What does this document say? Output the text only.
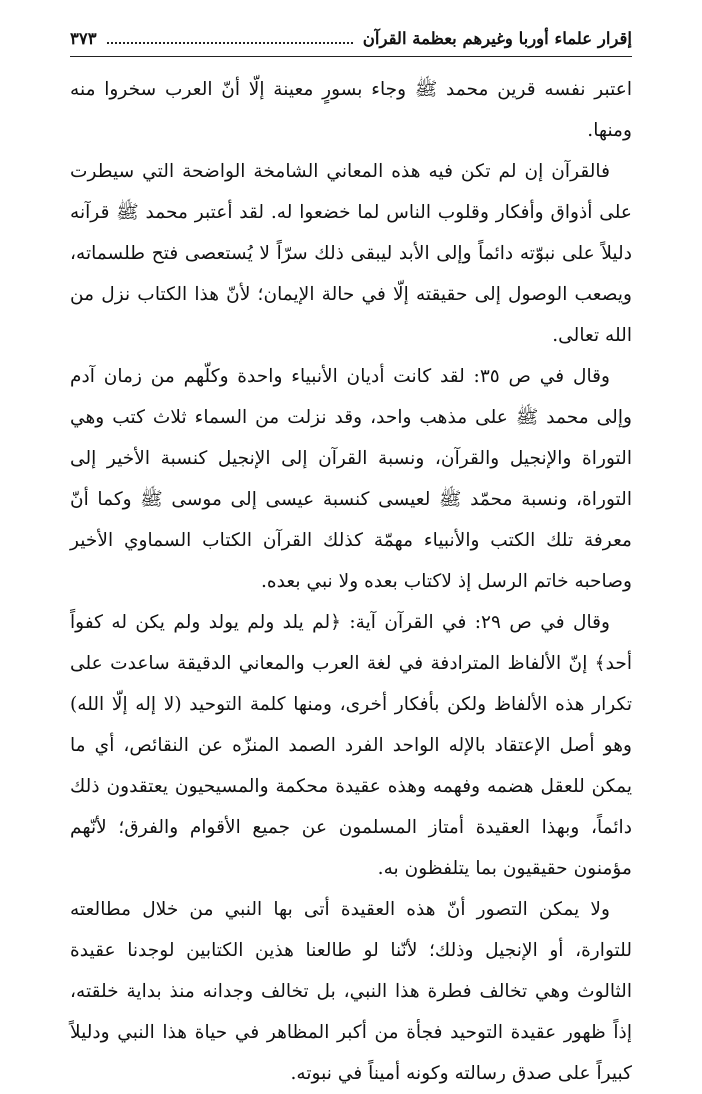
إقرار علماء أوربا وغيرهم بعظمة القرآن
٣٧٣

اعتبر نفسه قرين محمد ﷺ وجاء بسورٍ معينة إلّا أنّ العرب سخروا منه ومنها.

فالقرآن إن لم تكن فيه هذه المعاني الشامخة الواضحة التي سيطرت على أذواق وأفكار وقلوب الناس لما خضعوا له. لقد أعتبر محمد ﷺ قرآنه دليلاً على نبوّته دائماً وإلى الأبد ليبقى ذلك سرّاً لا يُستعصى فتح طلسماته، ويصعب الوصول إلى حقيقته إلّا في حالة الإيمان؛ لأنّ هذا الكتاب نزل من الله تعالى.

وقال في ص ٣٥: لقد كانت أديان الأنبياء واحدة وكلّهم من زمان آدم وإلى محمد ﷺ على مذهب واحد، وقد نزلت من السماء ثلاث كتب وهي التوراة والإنجيل والقرآن، ونسبة القرآن إلى الإنجيل كنسبة الأخير إلى التوراة، ونسبة محمّد ﷺ لعيسى كنسبة عيسى إلى موسى ﷺ وكما أنّ معرفة تلك الكتب والأنبياء مهمّة كذلك القرآن الكتاب السماوي الأخير وصاحبه خاتم الرسل إذ لاكتاب بعده ولا نبي بعده.

وقال في ص ٢٩: في القرآن آية: ﴿لم يلد ولم يولد ولم يكن له كفواً أحد﴾ إنّ الألفاظ المترادفة في لغة العرب والمعاني الدقيقة ساعدت على تكرار هذه الألفاظ ولكن بأفكار أخرى، ومنها كلمة التوحيد (لا إله إلّا الله) وهو أصل الإعتقاد بالإله الواحد الفرد الصمد المنزّه عن النقائص، أي ما يمكن للعقل هضمه وفهمه وهذه عقيدة محكمة والمسيحيون يعتقدون ذلك دائماً، وبهذا العقيدة أمتاز المسلمون عن جميع الأقوام والفرق؛ لأنّهم مؤمنون حقيقيون بما يتلفظون به.

ولا يمكن التصور أنّ هذه العقيدة أتى بها النبي من خلال مطالعته للتوارة، أو الإنجيل وذلك؛ لأنّنا لو طالعنا هذين الكتابين لوجدنا عقيدة الثالوث وهي تخالف فطرة هذا النبي، بل تخالف وجدانه منذ بداية خلقته، إذاً ظهور عقيدة التوحيد فجأة من أكبر المظاهر في حياة هذا النبي ودليلاً كبيراً على صدق رسالته وكونه أميناً في نبوته.
